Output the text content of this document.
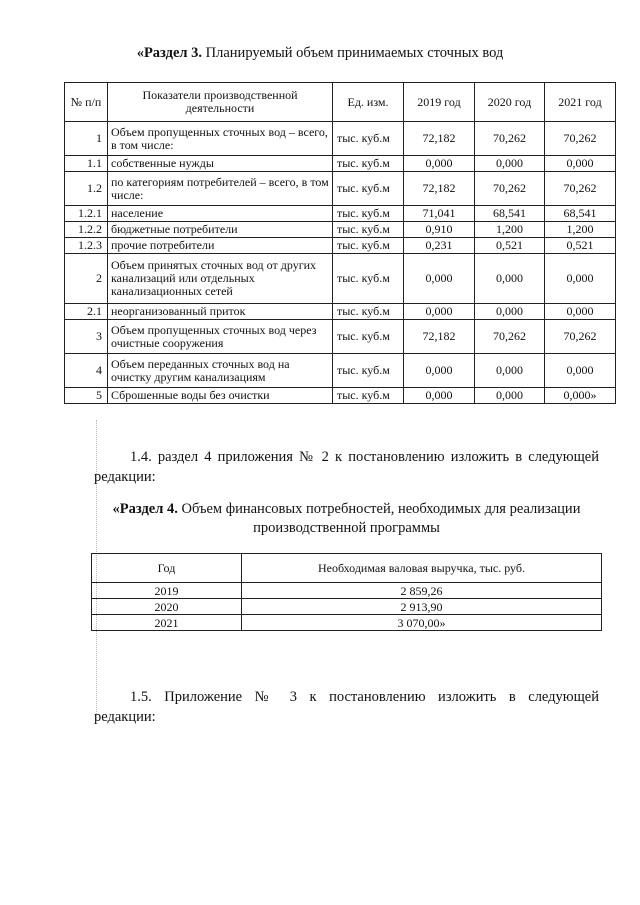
«Раздел 3. Планируемый объем принимаемых сточных вод
№ п/п	Показатели производственной деятельности	Ед. изм.	2019 год	2020 год	2021 год
1	Объем пропущенных сточных вод – всего, в том числе:	тыс. куб.м	72,182	70,262	70,262
1.1	собственные нужды	тыс. куб.м	0,000	0,000	0,000
1.2	по категориям потребителей – всего, в том числе:	тыс. куб.м	72,182	70,262	70,262
1.2.1	население	тыс. куб.м	71,041	68,541	68,541
1.2.2	бюджетные потребители	тыс. куб.м	0,910	1,200	1,200
1.2.3	прочие потребители	тыс. куб.м	0,231	0,521	0,521
2	Объем принятых сточных вод от других канализаций или отдельных канализационных сетей	тыс. куб.м	0,000	0,000	0,000
2.1	неорганизованный приток	тыс. куб.м	0,000	0,000	0,000
3	Объем пропущенных сточных вод через очистные сооружения	тыс. куб.м	72,182	70,262	70,262
4	Объем переданных сточных вод на очистку другим канализациям	тыс. куб.м	0,000	0,000	0,000
5	Сброшенные воды без очистки	тыс. куб.м	0,000	0,000	0,000»
1.4. раздел 4 приложения № 2 к постановлению изложить в следующей
редакции:
«Раздел 4. Объем финансовых потребностей, необходимых для реализации производственной программы
Год	Необходимая валовая выручка, тыс. руб.
2019	2 859,26
2020	2 913,90
2021	3 070,00»
1.5. Приложение № 3 к постановлению изложить в следующей
редакции:
